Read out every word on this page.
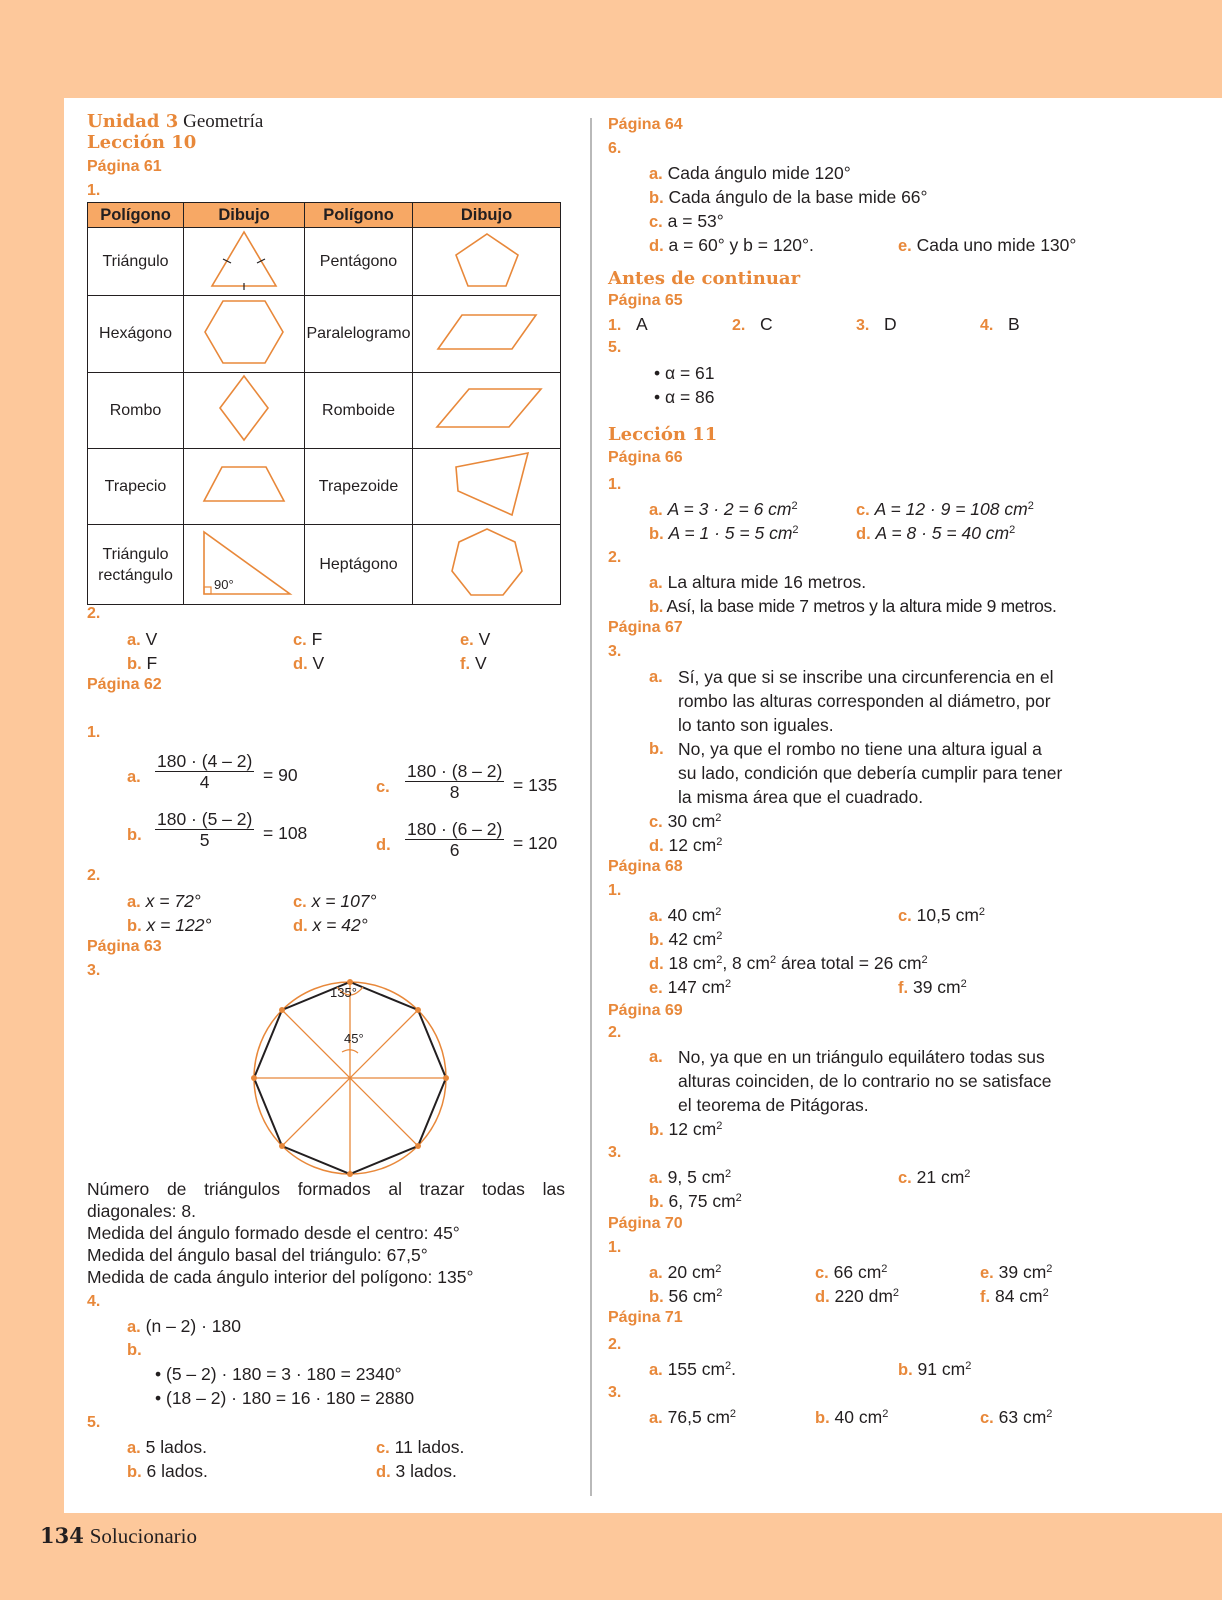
Unidad 3 Geometría
Lección 10
Página 61
1.
Polígono	Dibujo	Polígono	Dibujo
Triángulo		Pentágono	
Hexágono		Paralelogramo	
Rombo		Romboide	
Trapecio		Trapezoide	
Triángulo rectángulo	90°	Heptágono	
2.
a. V	c. F	e. V
b. F	d. V	f. V
Página 62
1.
a. $\frac{180 \cdot (4 - 2)}{4} = 90$
c. $\frac{180 \cdot (8 - 2)}{8} = 135$
b. $\frac{180 \cdot (5 - 2)}{5} = 108$
d. $\frac{180 \cdot (6 - 2)}{6} = 120$
2.
a. x = 72°	c. x = 107°
b. x = 122°	d. x = 42°
Página 63
3.
135°
45°
Número de triángulos formados al trazar todas las
diagonales: 8.
Medida del ángulo formado desde el centro: 45°
Medida del ángulo basal del triángulo: 67,5°
Medida de cada ángulo interior del polígono: 135°
4.
a. (n – 2) · 180
b.
• (5 – 2) · 180 = 3 · 180 = 2340°
• (18 – 2) · 180 = 16 · 180 = 2880
5.
a. 5 lados.	c. 11 lados.
b. 6 lados.	d. 3 lados.
Página 64
6.
a. Cada ángulo mide 120°
b. Cada ángulo de la base mide 66°
c. a = 53°
d. a = 60° y b = 120°.	e. Cada uno mide 130°
Antes de continuar
Página 65
1. A	2. C	3. D	4. B
5.
• α = 61
• α = 86
Lección 11
Página 66
1.
a. A = 3 · 2 = 6 $cm^2$	c. A = 12 · 9 = 108 $cm^2$
b. A = 1 · 5 = 5 $cm^2$	d. A = 8 · 5 = 40 $cm^2$
2.
a. La altura mide 16 metros.
b. Así, la base mide 7 metros y la altura mide 9 metros.
Página 67
3.
a. Sí, ya que si se inscribe una circunferencia en el
rombo las alturas corresponden al diámetro, por
lo tanto son iguales.
b. No, ya que el rombo no tiene una altura igual a
su lado, condición que debería cumplir para tener
la misma área que el cuadrado.
c. 30 $cm^2$
d. 12 $cm^2$
Página 68
1.
a. 40 $cm^2$	c. 10,5 $cm^2$
b. 42 $cm^2$
d. 18 $cm^2$, 8 $cm^2$ área total = 26 $cm^2$
e. 147 $cm^2$	f. 39 $cm^2$
Página 69
2.
a. No, ya que en un triángulo equilátero todas sus
alturas coinciden, de lo contrario no se satisface
el teorema de Pitágoras.
b. 12 $cm^2$
3.
a. 9, 5 $cm^2$	c. 21 $cm^2$
b. 6, 75 $cm^2$
Página 70
1.
a. 20 $cm^2$	c. 66 $cm^2$	e. 39 $cm^2$
b. 56 $cm^2$	d. 220 $dm^2$	f. 84 $cm^2$
Página 71
2.
a. 155 $cm^2$.	b. 91 $cm^2$
3.
a. 76,5 $cm^2$	b. 40 $cm^2$	c. 63 $cm^2$
134 Solucionario
